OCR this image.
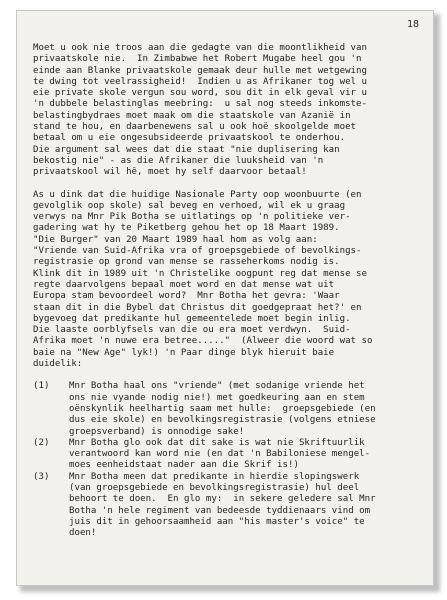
18
Moet u ook nie troos aan die gedagte van die moontlikheid van
privaatskole nie.  In Zimbabwe het Robert Mugabe heel gou 'n
einde aan Blanke privaatskole gemaak deur hulle met wetgewing
te dwing tot veelrassigheid!  Indien u as Afrikaner tog wel u
eie private skole vergun sou word, sou dit in elk geval vir u
'n dubbele belastinglas meebring:  u sal nog steeds inkomste-
belastingbydraes moet maak om die staatskole van Azanië in
stand te hou, en daarbenewens sal u ook hoë skoolgelde moet
betaal om u eie ongesubsideerde privaatskool te onderhou.
Die argument sal wees dat die staat "nie duplisering kan
bekostig nie" - as die Afrikaner die luuksheid van 'n
privaatskool wil hê, moet hy self daarvoor betaal!
As u dink dat die huidige Nasionale Party oop woonbuurte (en
gevolglik oop skole) sal beveg en verhoed, wil ek u graag
verwys na Mnr Pik Botha se uitlatings op 'n politieke ver-
gadering wat hy te Piketberg gehou het op 18 Maart 1989.
"Die Burger" van 20 Maart 1989 haal hom as volg aan:
"Vriende van Suid-Afrika vra of groepsgebiede of bevolkings-
registrasie op grond van mense se rasseherkoms nodig is.
Klink dit in 1989 uit 'n Christelike oogpunt reg dat mense se
regte daarvolgens bepaal moet word en dat mense wat uit
Europa stam bevoordeel word?  Mnr Botha het gevra: 'Waar
staan dit in die Bybel dat Christus dit goedgepraat het?' en
bygevoeg dat predikante hul gemeentelede moet begin inlig.
Die laaste oorblyfsels van die ou era moet verdwyn.  Suid-
Afrika moet 'n nuwe era betree....."  (Alweer die woord wat so
baie na "New Age" lyk!) 'n Paar dinge blyk hieruit baie
duidelik:
(1) Mnr Botha haal ons "vriende" (met sodanige vriende het
ons nie vyande nodig nie!) met goedkeuring aan en stem
oënskynlik heelhartig saam met hulle:  groepsgebiede (en
dus eie skole) en bevolkingsregistrasie (volgens etniese
groepsverband) is onnodige sake!
(2) Mnr Botha glo ook dat dit sake is wat nie Skriftuurlik
verantwoord kan word nie (en dat 'n Babiloniese mengel-
moes eenheidstaat nader aan die Skrif is!)
(3) Mnr Botha meen dat predikante in hierdie slopingswerk
(van groepsgebiede en bevolkingsregistrasie) hul deel
behoort te doen.  En glo my:  in sekere geledere sal Mnr
Botha 'n hele regiment van bedeesde tyddienaars vind om
juis dit in gehoorsaamheid aan "his master's voice" te
doen!
